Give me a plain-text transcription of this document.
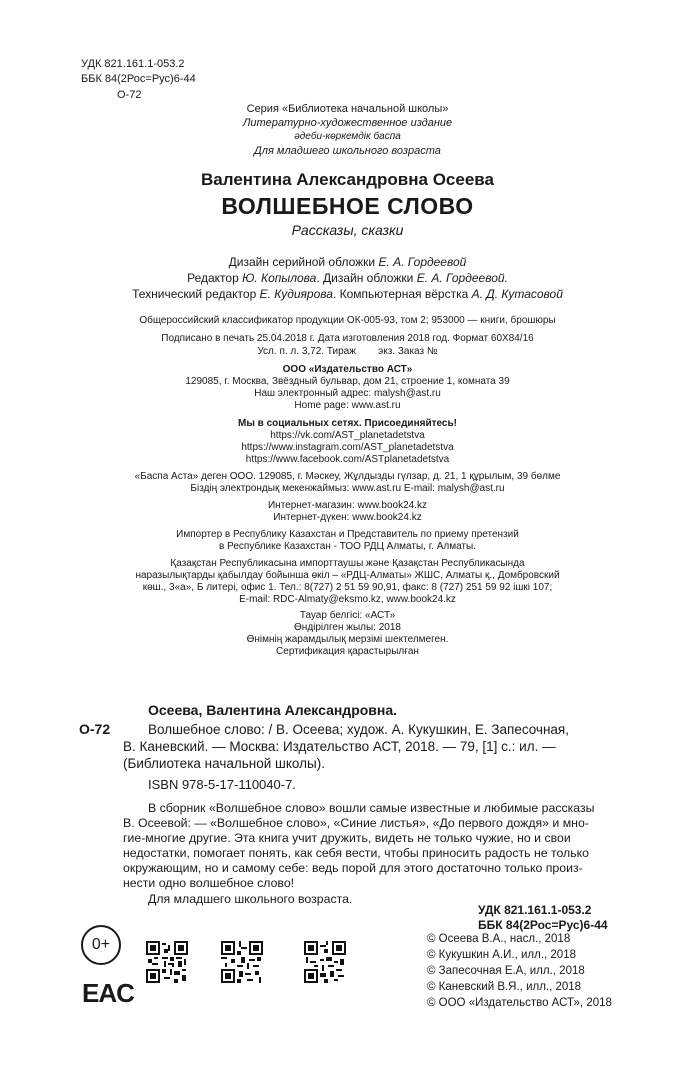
УДК 821.161.1-053.2
ББК 84(2Рос=Рус)6-44
О-72
Серия «Библиотека начальной школы»
Литературно-художественное издание
әдеби-көркемдік баспа
Для младшего школьного возраста
Валентина Александровна Осеева
ВОЛШЕБНОЕ СЛОВО
Рассказы, сказки
Дизайн серийной обложки Е. А. Гордеевой
Редактор Ю. Копылова. Дизайн обложки Е. А. Гордеевой.
Технический редактор Е. Кудиярова. Компьютерная вёрстка А. Д. Кутасовой
Общероссийский классификатор продукции ОК-005-93, том 2; 953000 — книги, брошюры
Подписано в печать 25.04.2018 г. Дата изготовления 2018 год. Формат 60Х84/16
Усл. п. л. 3,72. Тираж        экз. Заказ №
ООО «Издательство АСТ»
129085, г. Москва, Звёздный бульвар, дом 21, строение 1, комната 39
Наш электронный адрес: malysh@ast.ru
Home page: www.ast.ru
Мы в социальных сетях. Присоединяйтесь!
https://vk.com/AST_planetadetstva
https://www.instagram.com/AST_planetadetstva
https://www.facebook.com/ASTplanetadetstva
«Баспа Аста» деген ООО. 129085, г. Мәскеу, Жұлдызды гүлзар, д. 21, 1 құрылым, 39 бөлме
Біздің электрондық мекенжаймыз: www.ast.ru E-mail: malysh@ast.ru
Интернет-магазин: www.book24.kz
Интернет-дүкен: www.book24.kz
Импортер в Республику Казахстан и Представитель по приему претензий
в Республике Казахстан - ТОО РДЦ Алматы, г. Алматы.
Қазақстан Республикасына импорттаушы және Қазақстан Республикасында
наразылықтарды қабылдау бойынша өкіл – «РДЦ-Алматы» ЖШС, Алматы қ., Домбровский
көш., 3«а», Б литері, офис 1. Тел.: 8(727) 2 51 59 90,91, факс: 8 (727) 251 59 92 ішкі 107;
E-mail: RDC-Almaty@eksmo.kz, www.book24.kz
Тауар белгісі: «АСТ»
Өндірілген жылы: 2018
Өнімнің жарамдылық мерзімі шектелмеген.
Сертификация қарастырылған
Осеева, Валентина Александровна.
О-72	Волшебное слово: / В. Осеева; худож. А. Кукушкин, Е. Запесочная,
В. Каневский. — Москва: Издательство АСТ, 2018. — 79, [1] с.: ил. —
(Библиотека начальной школы).
ISBN 978-5-17-110040-7.
В сборник «Волшебное слово» вошли самые известные и любимые рассказы
В. Осеевой: — «Волшебное слово», «Синие листья», «До первого дождя» и мно-
гие-многие другие. Эта книга учит дружить, видеть не только чужие, но и свои
недостатки, помогает понять, как себя вести, чтобы приносить радость не только
окружающим, но и самому себе: ведь порой для этого достаточно только произ-
нести одно волшебное слово!
Для младшего школьного возраста.
УДК 821.161.1-053.2
ББК 84(2Рос=Рус)6-44
0+
EAC
© Осеева В.А., насл., 2018
© Кукушкин А.И., илл., 2018
© Запесочная Е.А, илл., 2018
© Каневский В.Я., илл., 2018
© ООО «Издательство АСТ», 2018
